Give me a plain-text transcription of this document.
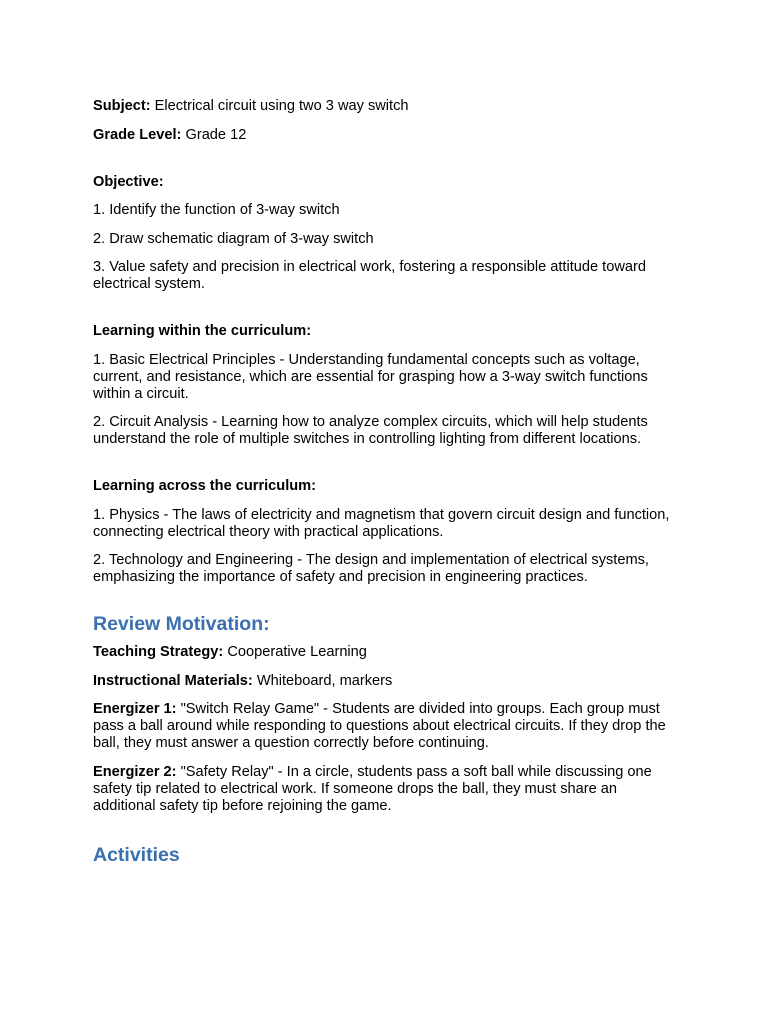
Subject: Electrical circuit using two 3 way switch

Grade Level: Grade 12

Objective:

1. Identify the function of 3-way switch

2. Draw schematic diagram of 3-way switch

3. Value safety and precision in electrical work, fostering a responsible attitude toward electrical system.

Learning within the curriculum:

1. Basic Electrical Principles - Understanding fundamental concepts such as voltage, current, and resistance, which are essential for grasping how a 3-way switch functions within a circuit.

2. Circuit Analysis - Learning how to analyze complex circuits, which will help students understand the role of multiple switches in controlling lighting from different locations.

Learning across the curriculum:

1. Physics - The laws of electricity and magnetism that govern circuit design and function, connecting electrical theory with practical applications.

2. Technology and Engineering - The design and implementation of electrical systems, emphasizing the importance of safety and precision in engineering practices.

Review Motivation:

Teaching Strategy: Cooperative Learning

Instructional Materials: Whiteboard, markers

Energizer 1: "Switch Relay Game" - Students are divided into groups. Each group must pass a ball around while responding to questions about electrical circuits. If they drop the ball, they must answer a question correctly before continuing.

Energizer 2: "Safety Relay" - In a circle, students pass a soft ball while discussing one safety tip related to electrical work. If someone drops the ball, they must share an additional safety tip before rejoining the game.

Activities
